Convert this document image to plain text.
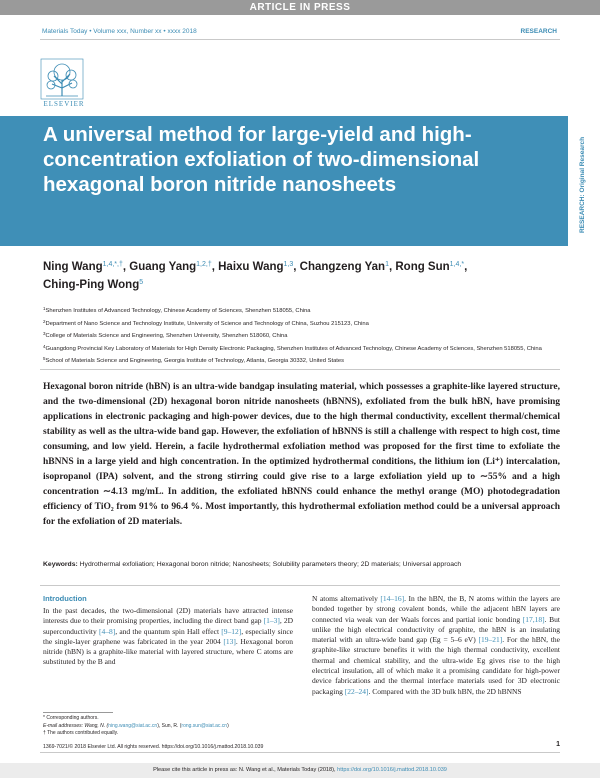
ARTICLE IN PRESS
Materials Today • Volume xxx, Number xx • xxxx 2018	RESEARCH
ELSEVIER
A universal method for large-yield and high-concentration exfoliation of two-dimensional hexagonal boron nitride nanosheets	RESEARCH: Original Research

Ning Wang$^{1,4,*,\dagger}$, Guang Yang$^{1,2,\dagger}$, Haixu Wang$^{1,3}$, Changzeng Yan$^1$, Rong Sun$^{1,4,*}$,
Ching-Ping Wong$^5$

$^1$Shenzhen Institutes of Advanced Technology, Chinese Academy of Sciences, Shenzhen 518055, China
$^2$Department of Nano Science and Technology Institute, University of Science and Technology of China, Suzhou 215123, China
$^3$College of Materials Science and Engineering, Shenzhen University, Shenzhen 518060, China
$^4$Guangdong Provincial Key Laboratory of Materials for High Density Electronic Packaging, Shenzhen Institutes of Advanced Technology, Chinese Academy of Sciences, Shenzhen 518055, China
$^5$School of Materials Science and Engineering, Georgia Institute of Technology, Atlanta, Georgia 30332, United States

Hexagonal boron nitride (hBN) is an ultra-wide bandgap insulating material, which possesses a graphite-like layered structure, and the two-dimensional (2D) hexagonal boron nitride nanosheets (hBNNS), exfoliated from the bulk hBN, have promising applications in electronic packaging and high-power devices, due to the high thermal conductivity, excellent thermal/chemical stability as well as the ultra-wide band gap. However, the exfoliation of hBNNS is still a challenge with respect to high cost, time consuming, and low yield. Herein, a facile hydrothermal exfoliation method was proposed for the first time to exfoliate the hBNNS in a large yield and high concentration. In the optimized hydrothermal conditions, the lithium ion (Li⁺) intercalation, isopropanol (IPA) solvent, and the strong stirring could give rise to a large exfoliation yield up to ∼55% and a high concentration ∼4.13 mg/mL. In addition, the exfoliated hBNNS could enhance the methyl orange (MO) photodegradation efficiency of TiO₂ from 91% to 96.4 %. Most importantly, this hydrothermal exfoliation method could be a universal approach for the exfoliation of 2D materials.

Keywords: Hydrothermal exfoliation; Hexagonal boron nitride; Nanosheets; Solubility parameters theory; 2D materials; Universal approach

Introduction

In the past decades, the two-dimensional (2D) materials have attracted intense interests due to their promising properties, including the direct band gap [1–3], 2D superconductivity [4–8], and the quantum spin Hall effect [9–12], especially since the single-layer graphene was fabricated in the year 2004 [13]. Hexagonal boron nitride (hBN) is a graphite-like material with layered structure, where C atoms are substituted by the B and

N atoms alternatively [14–16]. In the hBN, the B, N atoms within the layers are bonded together by strong covalent bonds, while the adjacent hBN layers are connected via weak van der Waals forces and partial ionic bonding [17,18]. But unlike the high electrical conductivity of graphite, the hBN is an insulating material with an ultra-wide band gap (Eg = 5–6 eV) [19–21]. For the hBN, the graphite-like structure benefits it with the high thermal conductivity, excellent thermal and chemical stability, and the ultra-wide Eg gives rise to the high electrical insulation, all of which make it a promising candidate for high-power device fabrications and the thermal interface materials used for 3D electronic packaging [22–24]. Compared with the 3D bulk hBN, the 2D hBNNS

* Corresponding authors.
E-mail addresses: Wang, N. (ning.wang@siat.ac.cn), Sun, R. (rong.sun@siat.ac.cn)
† The authors contributed equally.
1369-7021/© 2018 Elsevier Ltd. All rights reserved. https://doi.org/10.1016/j.mattod.2018.10.039	1
Please cite this article in press as: N. Wang et al., Materials Today (2018), https://doi.org/10.1016/j.mattod.2018.10.039
